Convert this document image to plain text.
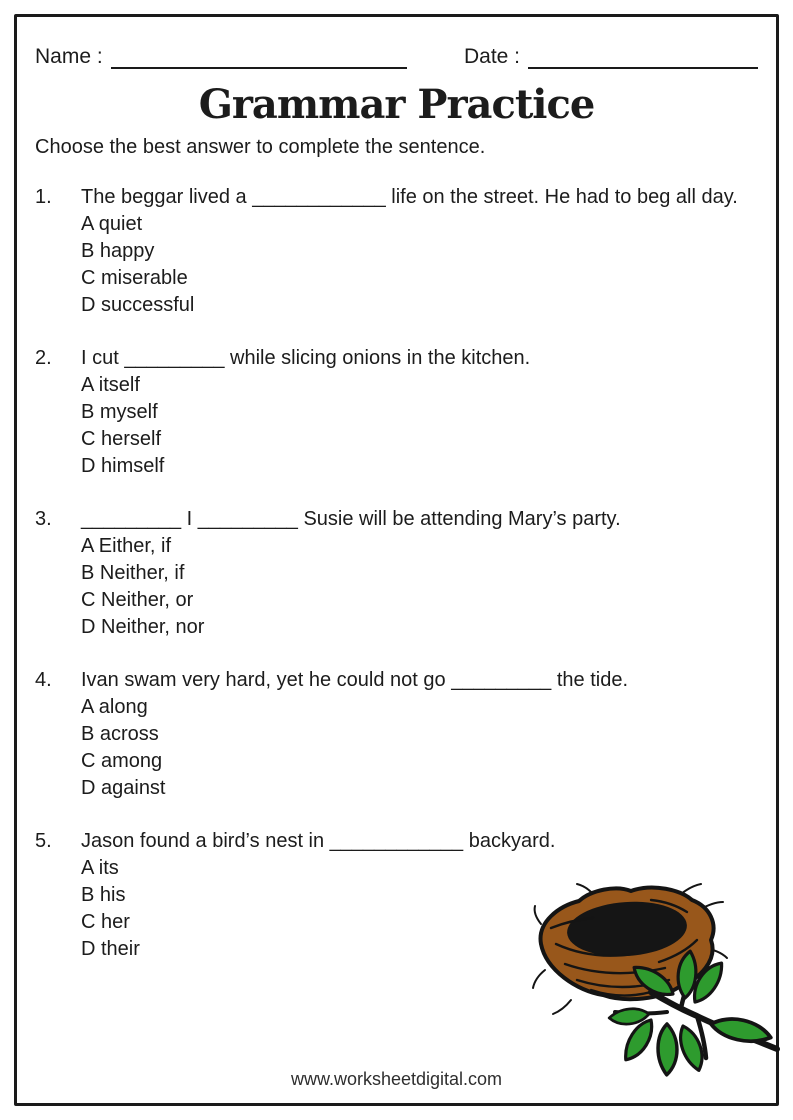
Name :	Date :
Grammar Practice
Choose the best answer to complete the sentence.
1.	The beggar lived a ____________ life on the street. He had to beg all day.
A quiet
B happy
C miserable
D successful
2.	I cut _________ while slicing onions in the kitchen.
A itself
B myself
C herself
D himself
3.	_________ I _________ Susie will be attending Mary’s party.
A Either, if
B Neither, if
C Neither, or
D Neither, nor
4.	Ivan swam very hard, yet he could not go _________ the tide.
A along
B across
C among
D against
5.	Jason found a bird’s nest in ____________ backyard.
A its
B his
C her
D their
www.worksheetdigital.com
